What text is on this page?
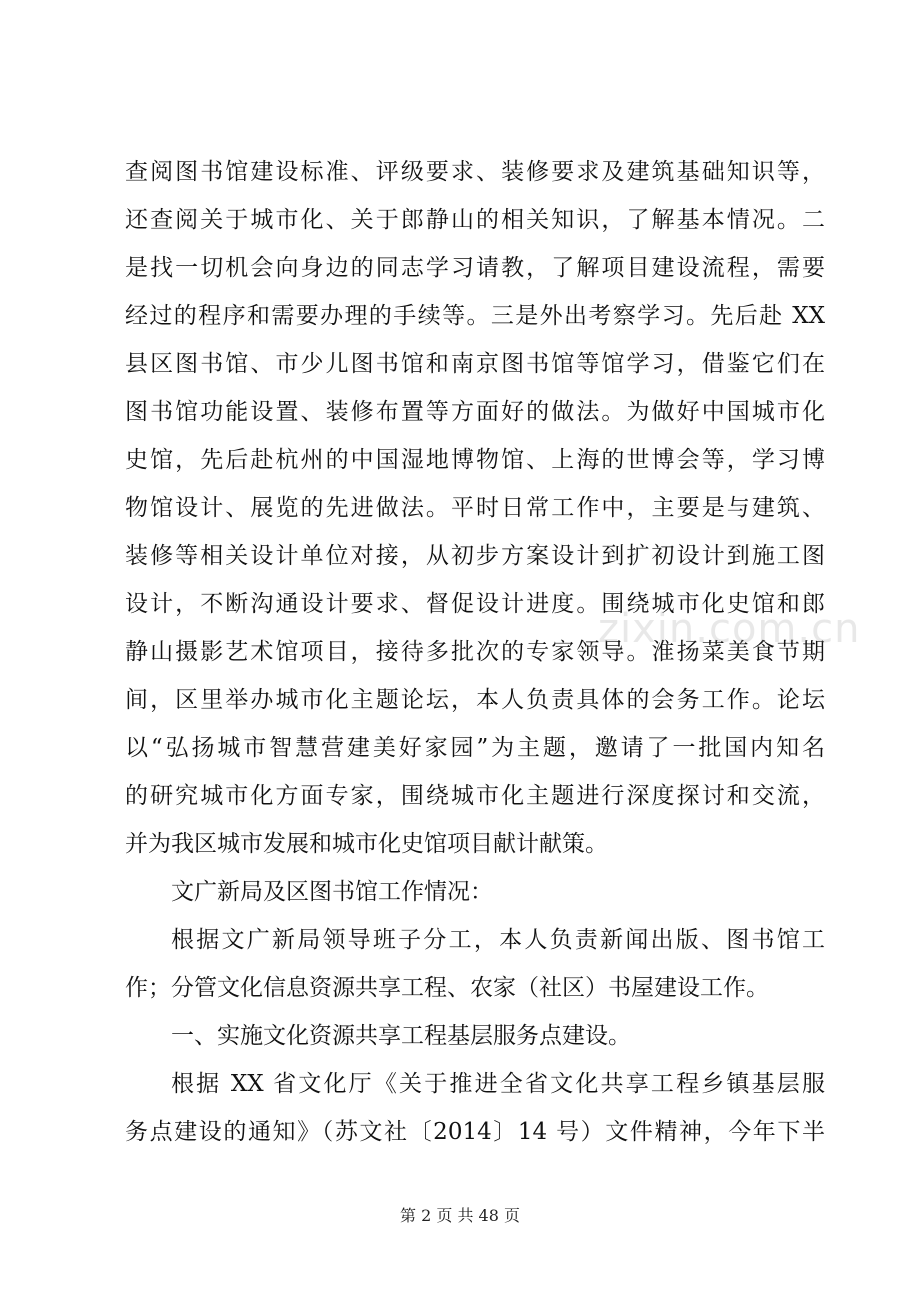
查阅图书馆建设标准、评级要求、装修要求及建筑基础知识等，
还查阅关于城市化、关于郎静山的相关知识，了解基本情况。二
是找一切机会向身边的同志学习请教，了解项目建设流程，需要
经过的程序和需要办理的手续等。三是外出考察学习。先后赴 XX
县区图书馆、市少儿图书馆和南京图书馆等馆学习，借鉴它们在
图书馆功能设置、装修布置等方面好的做法。为做好中国城市化
史馆，先后赴杭州的中国湿地博物馆、上海的世博会等，学习博
物馆设计、展览的先进做法。平时日常工作中，主要是与建筑、
装修等相关设计单位对接，从初步方案设计到扩初设计到施工图
设计，不断沟通设计要求、督促设计进度。围绕城市化史馆和郎
静山摄影艺术馆项目，接待多批次的专家领导。淮扬菜美食节期
间，区里举办城市化主题论坛，本人负责具体的会务工作。论坛
以“弘扬城市智慧营建美好家园”为主题，邀请了一批国内知名
的研究城市化方面专家，围绕城市化主题进行深度探讨和交流，
并为我区城市发展和城市化史馆项目献计献策。
文广新局及区图书馆工作情况：
根据文广新局领导班子分工，本人负责新闻出版、图书馆工
作；分管文化信息资源共享工程、农家（社区）书屋建设工作。
一、实施文化资源共享工程基层服务点建设。
根据 XX 省文化厅《关于推进全省文化共享工程乡镇基层服
务点建设的通知》（苏文社〔2014〕14 号）文件精神，今年下半
zixin.com.cn
第 2 页 共 48 页
